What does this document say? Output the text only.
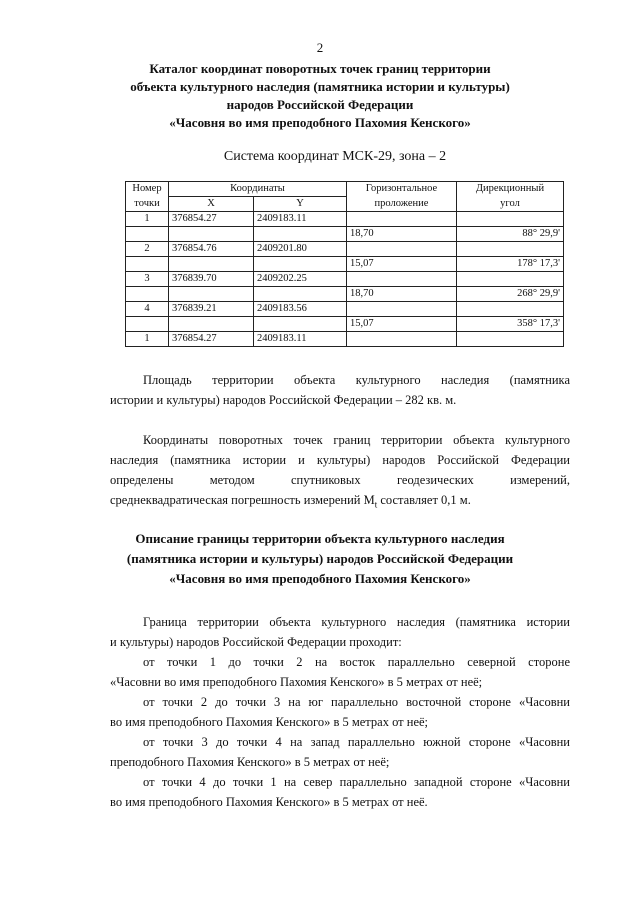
2
Каталог координат поворотных точек границ территории
объекта культурного наследия (памятника истории и культуры)
народов Российской Федерации
«Часовня во имя преподобного Пахомия Кенского»
Система координат МСК-29, зона – 2
Номер	Координаты		Горизонтальное	Дирекционный
точки	X	Y	проложение	угол
1	376854.27	2409183.11		
			18,70	88° 29,9'
2	376854.76	2409201.80		
			15,07	178° 17,3'
3	376839.70	2409202.25		
			18,70	268° 29,9'
4	376839.21	2409183.56		
			15,07	358° 17,3'
1	376854.27	2409183.11		
Площадь территории объекта культурного наследия (памятника
истории и культуры) народов Российской Федерации – 282 кв. м.
Координаты поворотных точек границ территории объекта культурного
наследия (памятника истории и культуры) народов Российской Федерации
определены методом спутниковых геодезических измерений,
среднеквадратическая погрешность измерений $M_t$ составляет 0,1 м.
Описание границы территории объекта культурного наследия
(памятника истории и культуры) народов Российской Федерации
«Часовня во имя преподобного Пахомия Кенского»
Граница территории объекта культурного наследия (памятника истории
и культуры) народов Российской Федерации проходит:
от точки 1 до точки 2 на восток параллельно северной стороне
«Часовни во имя преподобного Пахомия Кенского» в 5 метрах от неё;
от точки 2 до точки 3 на юг параллельно восточной стороне «Часовни
во имя преподобного Пахомия Кенского» в 5 метрах от неё;
от точки 3 до точки 4 на запад параллельно южной стороне «Часовни
преподобного Пахомия Кенского» в 5 метрах от неё;
от точки 4 до точки 1 на север параллельно западной стороне «Часовни
во имя преподобного Пахомия Кенского» в 5 метрах от неё.
